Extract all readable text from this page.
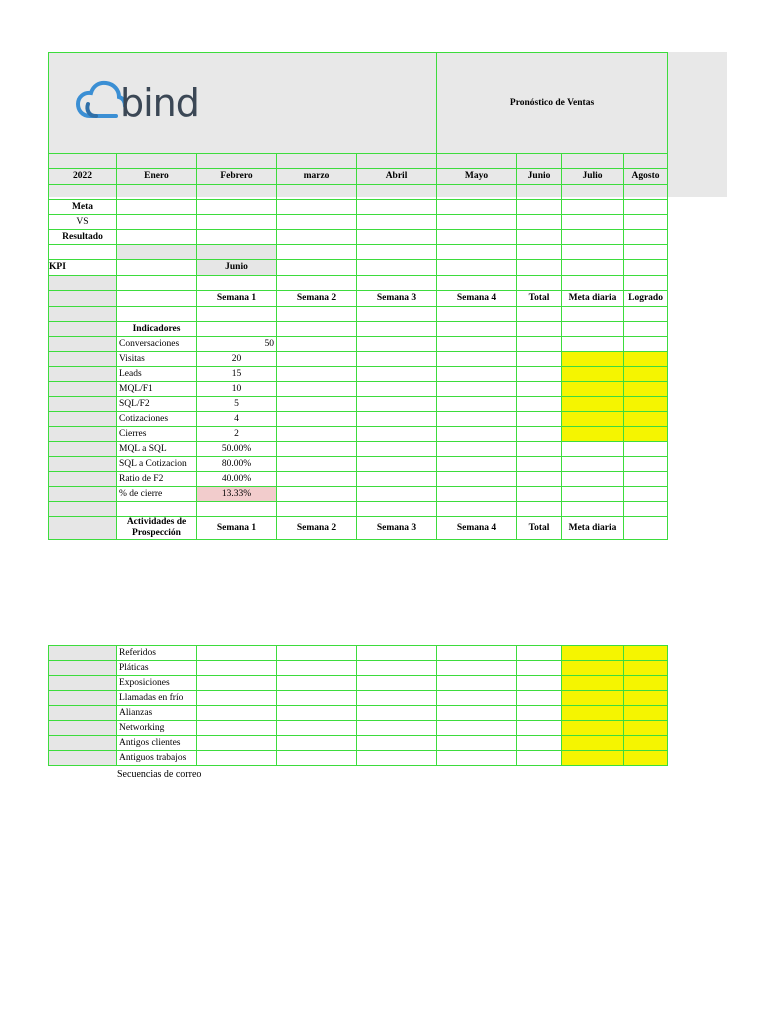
bind					Pronóstico de Ventas			

2022	Enero	Febrero	marzo	Abril	Mayo	Junio	Julio	Agosto

Meta								
VS								
Resultado								

KPI		Junio						

		Semana 1	Semana 2	Semana 3	Semana 4	Total	Meta diaria	Logrado

	Indicadores							
	Conversaciones	50						
	Visitas	20						
	Leads	15						
	MQL/F1	10						
	SQL/F2	5						
	Cotizaciones	4						
	Cierres	2						
	MQL a SQL	50.00%						
	SQL a Cotizacion	80.00%						
	Ratio de F2	40.00%						
	% de cierre	13.33%						

	Actividades de Prospección	Semana 1	Semana 2	Semana 3	Semana 4	Total	Meta diaria	
	Referidos							
	Pláticas							
	Exposiciones							
	Llamadas en frío							
	Alianzas							
	Networking							
	Antigos clientes							
	Antiguos trabajos							
Secuencias de correo
